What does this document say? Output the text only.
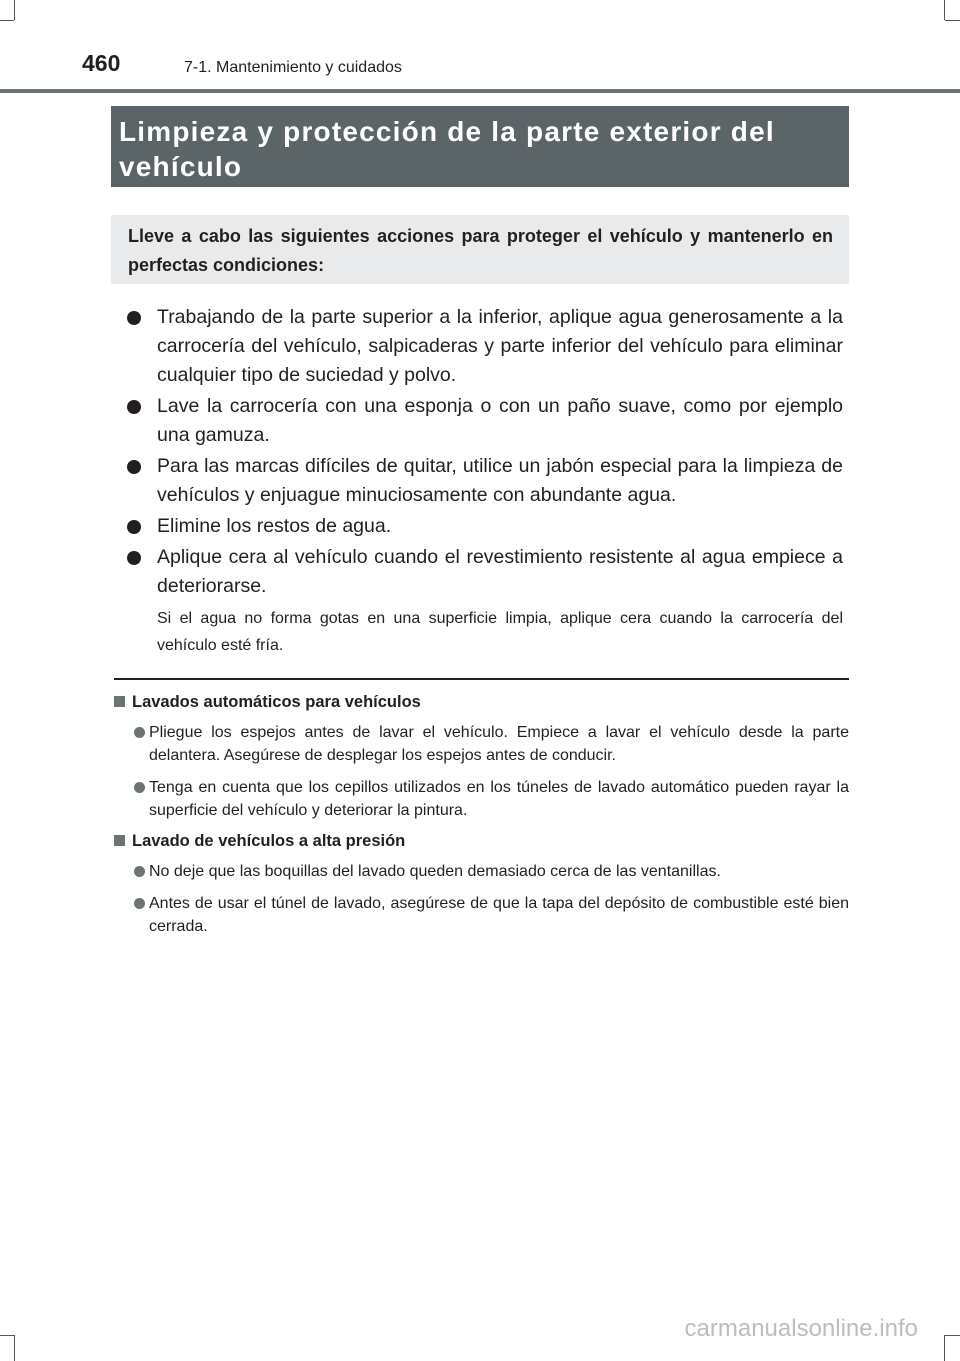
460	7-1. Mantenimiento y cuidados
Limpieza y protección de la parte exterior del vehículo

Lleve a cabo las siguientes acciones para proteger el vehículo y mantenerlo en perfectas condiciones:

Trabajando de la parte superior a la inferior, aplique agua generosamente a la carrocería del vehículo, salpicaderas y parte inferior del vehículo para eliminar cualquier tipo de suciedad y polvo.
Lave la carrocería con una esponja o con un paño suave, como por ejemplo una gamuza.
Para las marcas difíciles de quitar, utilice un jabón especial para la limpieza de vehículos y enjuague minuciosamente con abundante agua.
Elimine los restos de agua.
Aplique cera al vehículo cuando el revestimiento resistente al agua empiece a deteriorarse.
Si el agua no forma gotas en una superficie limpia, aplique cera cuando la carrocería del vehículo esté fría.
Lavados automáticos para vehículos
Pliegue los espejos antes de lavar el vehículo. Empiece a lavar el vehículo desde la parte delantera. Asegúrese de desplegar los espejos antes de conducir.
Tenga en cuenta que los cepillos utilizados en los túneles de lavado automático pueden rayar la superficie del vehículo y deteriorar la pintura.
Lavado de vehículos a alta presión
No deje que las boquillas del lavado queden demasiado cerca de las ventanillas.
Antes de usar el túnel de lavado, asegúrese de que la tapa del depósito de combustible esté bien cerrada.
carmanualsonline.info
